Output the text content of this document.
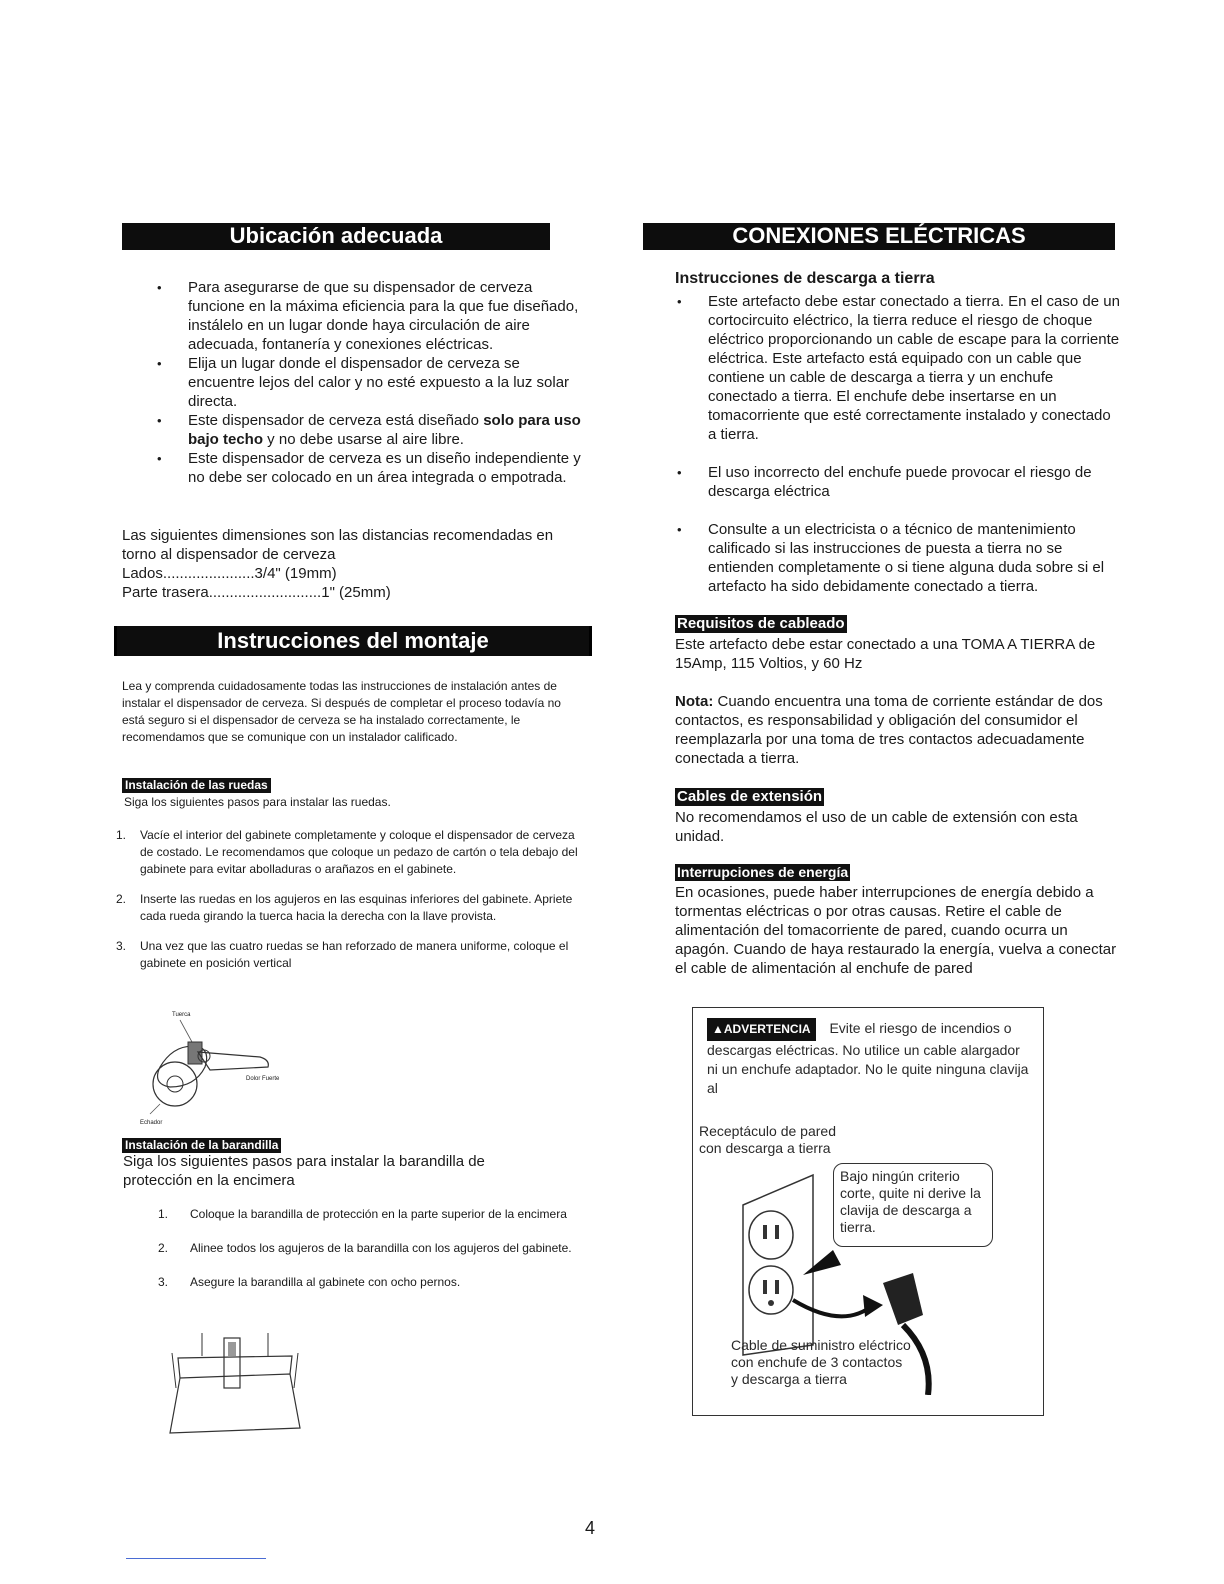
Ubicación adecuada
• Para asegurarse de que su dispensador de cerveza funcione en la máxima eficiencia para la que fue diseñado, instálelo en un lugar donde haya circulación de aire adecuada, fontanería y conexiones eléctricas.
• Elija un lugar donde el dispensador de cerveza se encuentre lejos del calor y no esté expuesto a la luz solar directa.
• Este dispensador de cerveza está diseñado solo para uso bajo techo y no debe usarse al aire libre.
• Este dispensador de cerveza es un diseño independiente y no debe ser colocado en un área integrada o empotrada.
Las siguientes dimensiones son las distancias recomendadas en torno al dispensador de cerveza
Lados......................3/4" (19mm)
Parte trasera...........................1" (25mm)
Instrucciones del montaje
Lea y comprenda cuidadosamente todas las instrucciones de instalación antes de instalar el dispensador de cerveza. Si después de completar el proceso todavía no está seguro si el dispensador de cerveza se ha instalado correctamente, le recomendamos que se comunique con un instalador calificado.
Instalación de las ruedas
Siga los siguientes pasos para instalar las ruedas.
1. Vacíe el interior del gabinete completamente y coloque el dispensador de cerveza de costado. Le recomendamos que coloque un pedazo de cartón o tela debajo del gabinete para evitar abolladuras o arañazos en el gabinete.
2. Inserte las ruedas en los agujeros en las esquinas inferiores del gabinete. Apriete cada rueda girando la tuerca hacia la derecha con la llave provista.
3. Una vez que las cuatro ruedas se han reforzado de manera uniforme, coloque el gabinete en posición vertical
Tuerca
Dolor Fuerte
Echador
Instalación de la barandilla
Siga los siguientes pasos para instalar la barandilla de protección en la encimera
1. Coloque la barandilla de protección en la parte superior de la encimera
2. Alinee todos los agujeros de la barandilla con los agujeros del gabinete.
3. Asegure la barandilla al gabinete con ocho pernos.
CONEXIONES ELÉCTRICAS
Instrucciones de descarga a tierra
• Este artefacto debe estar conectado a tierra. En el caso de un cortocircuito eléctrico, la tierra reduce el riesgo de choque eléctrico proporcionando un cable de escape para la corriente eléctrica. Este artefacto está equipado con un cable que contiene un cable de descarga a tierra y un enchufe conectado a tierra. El enchufe debe insertarse en un tomacorriente que esté correctamente instalado y conectado a tierra.
• El uso incorrecto del enchufe puede provocar el riesgo de descarga eléctrica
• Consulte a un electricista o a técnico de mantenimiento calificado si las instrucciones de puesta a tierra no se entienden completamente o si tiene alguna duda sobre si el artefacto ha sido debidamente conectado a tierra.
Requisitos de cableado
Este artefacto debe estar conectado a una TOMA A TIERRA de 15Amp, 115 Voltios, y 60 Hz
Nota: Cuando encuentra una toma de corriente estándar de dos contactos, es responsabilidad y obligación del consumidor el reemplazarla por una toma de tres contactos adecuadamente conectada a tierra.
Cables de extensión
No recomendamos el uso de un cable de extensión con esta unidad.
Interrupciones de energía
En ocasiones, puede haber interrupciones de energía debido a tormentas eléctricas o por otras causas. Retire el cable de alimentación del tomacorriente de pared, cuando ocurra un apagón. Cuando de haya restaurado la energía, vuelva a conectar el cable de alimentación al enchufe de pared
▲ADVERTENCIA Evite el riesgo de incendios o descargas eléctricas. No utilice un cable alargador ni un enchufe adaptador. No le quite ninguna clavija al
Receptáculo de pared con descarga a tierra
Bajo ningún criterio corte, quite ni derive la clavija de descarga a tierra.
Cable de suministro eléctrico con enchufe de 3 contactos y descarga a tierra
4
